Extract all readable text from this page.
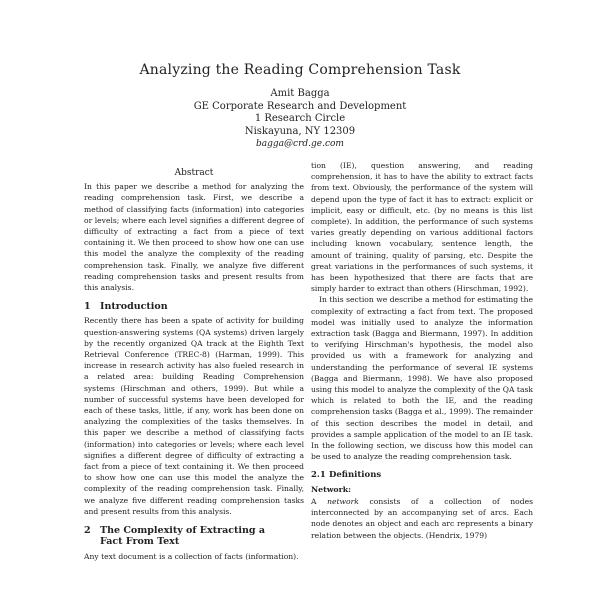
Analyzing the Reading Comprehension Task
Amit Bagga
GE Corporate Research and Development
1 Research Circle
Niskayuna, NY 12309
bagga@crd.ge.com
Abstract

In this paper we describe a method for analyzing the reading comprehension task. First, we describe a method of classifying facts (information) into categories or levels; where each level signifies a different degree of difficulty of extracting a fact from a piece of text containing it. We then proceed to show how one can use this model the analyze the complexity of the reading comprehension task. Finally, we analyze five different reading comprehension tasks and present results from this analysis.

1 Introduction

Recently there has been a spate of activity for building question-answering systems (QA systems) driven largely by the recently organized QA track at the Eighth Text Retrieval Conference (TREC-8) (Harman, 1999). This increase in research activity has also fueled research in a related area: building Reading Comprehension systems (Hirschman and others, 1999). But while a number of successful systems have been developed for each of these tasks, little, if any, work has been done on analyzing the complexities of the tasks themselves. In this paper we describe a method of classifying facts (information) into categories or levels; where each level signifies a different degree of difficulty of extracting a fact from a piece of text containing it. We then proceed to show how one can use this model the analyze the complexity of the reading comprehension task. Finally, we analyze five different reading comprehension tasks and present results from this analysis.

2 The Complexity of Extracting a
Fact From Text

Any text document is a collection of facts (information).

tion (IE), question answering, and reading comprehension, it has to have the ability to extract facts from text. Obviously, the performance of the system will depend upon the type of fact it has to extract: explicit or implicit, easy or difficult, etc. (by no means is this list complete). In addition, the performance of such systems varies greatly depending on various additional factors including known vocabulary, sentence length, the amount of training, quality of parsing, etc. Despite the great variations in the performances of such systems, it has been hypothesized that there are facts that are simply harder to extract than others (Hirschman, 1992).

In this section we describe a method for estimating the complexity of extracting a fact from text. The proposed model was initially used to analyze the information extraction task (Bagga and Biermann, 1997). In addition to verifying Hirschman's hypothesis, the model also provided us with a framework for analyzing and understanding the performance of several IE systems (Bagga and Biermann, 1998). We have also proposed using this model to analyze the complexity of the QA task which is related to both the IE, and the reading comprehension tasks (Bagga et al., 1999). The remainder of this section describes the model in detail, and provides a sample application of the model to an IE task. In the following section, we discuss how this model can be used to analyze the reading comprehension task.

2.1 Definitions
Network:

A network consists of a collection of nodes interconnected by an accompanying set of arcs. Each node denotes an object and each arc represents a binary relation between the objects. (Hendrix, 1979)
